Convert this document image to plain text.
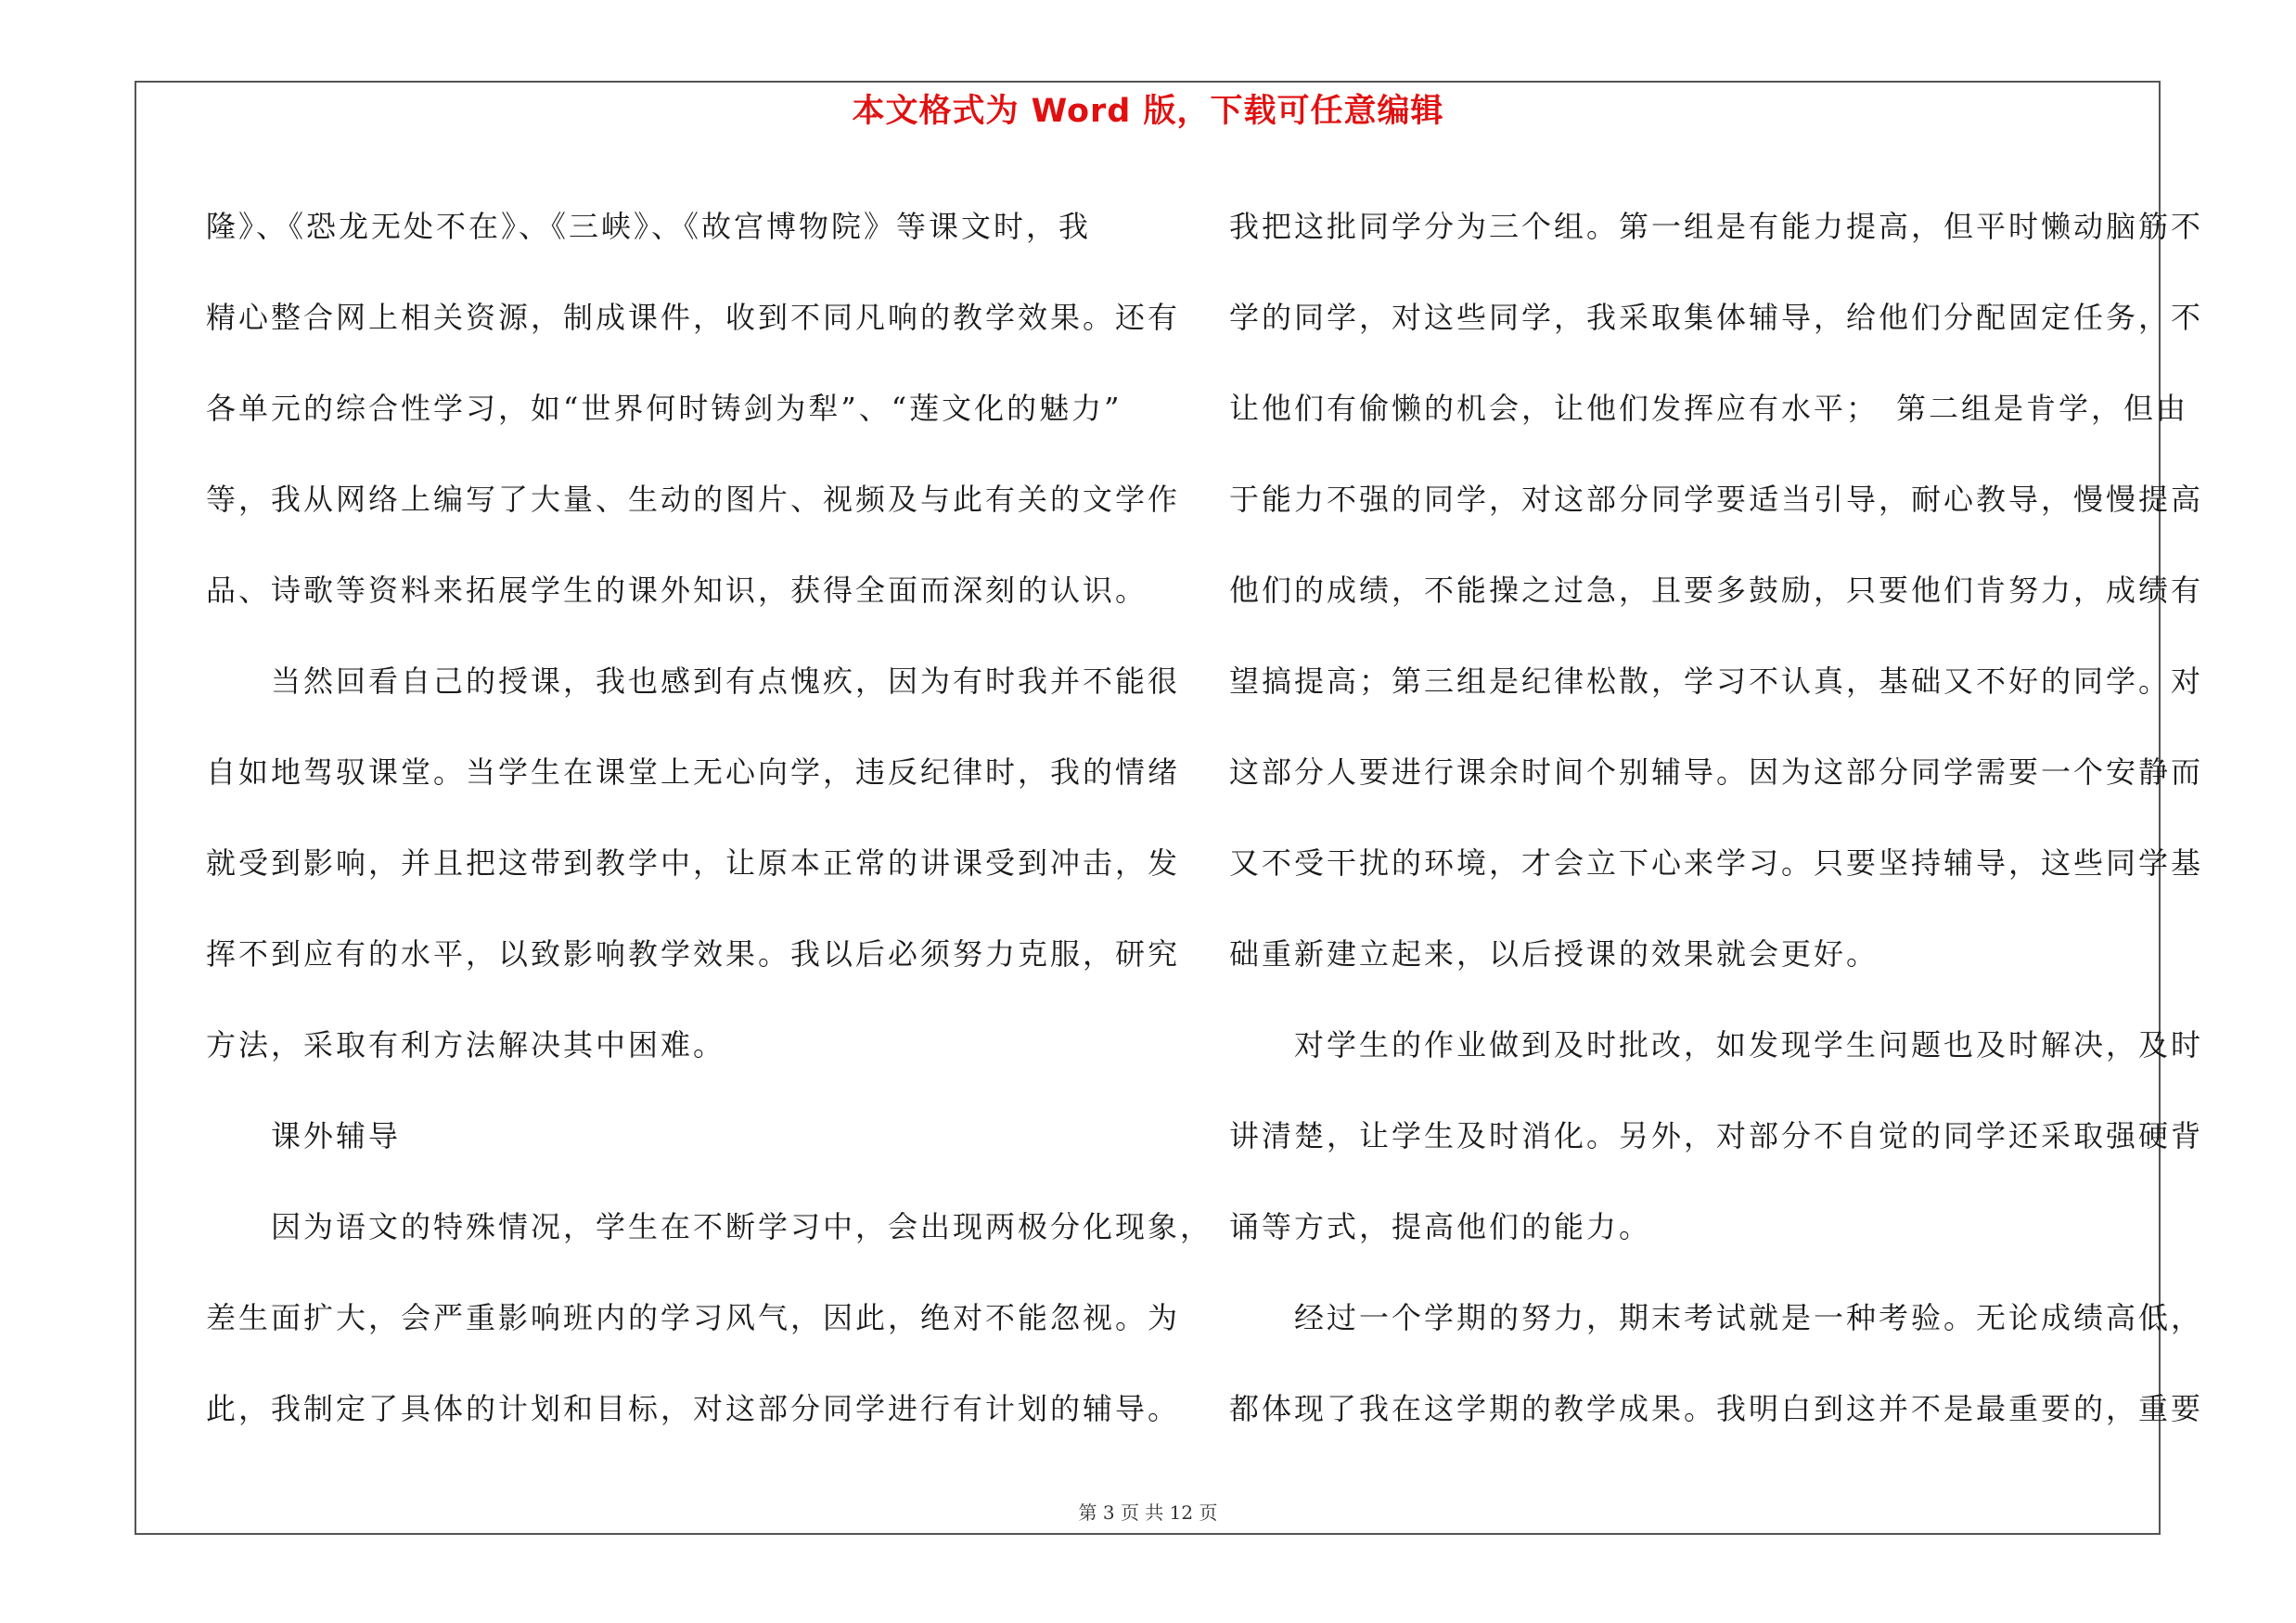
本文格式为 Word 版，下载可任意编辑
隆》、《恐龙无处不在》、《三峡》、《故宫博物院》等课文时，我
精心整合网上相关资源，制成课件，收到不同凡响的教学效果。还有
各单元的综合性学习，如“世界何时铸剑为犁”、“莲文化的魅力”
等，我从网络上编写了大量、生动的图片、视频及与此有关的文学作
品、诗歌等资料来拓展学生的课外知识，获得全面而深刻的认识。
　　当然回看自己的授课，我也感到有点愧疚，因为有时我并不能很
自如地驾驭课堂。当学生在课堂上无心向学，违反纪律时，我的情绪
就受到影响，并且把这带到教学中，让原本正常的讲课受到冲击，发
挥不到应有的水平，以致影响教学效果。我以后必须努力克服，研究
方法，采取有利方法解决其中困难。
　　课外辅导
　　因为语文的特殊情况，学生在不断学习中，会出现两极分化现象，
差生面扩大，会严重影响班内的学习风气，因此，绝对不能忽视。为
此，我制定了具体的计划和目标，对这部分同学进行有计划的辅导。
我把这批同学分为三个组。第一组是有能力提高，但平时懒动脑筋不
学的同学，对这些同学，我采取集体辅导，给他们分配固定任务，不
让他们有偷懒的机会，让他们发挥应有水平；　第二组是肯学，但由
于能力不强的同学，对这部分同学要适当引导，耐心教导，慢慢提高
他们的成绩，不能操之过急，且要多鼓励，只要他们肯努力，成绩有
望搞提高；第三组是纪律松散，学习不认真，基础又不好的同学。对
这部分人要进行课余时间个别辅导。因为这部分同学需要一个安静而
又不受干扰的环境，才会立下心来学习。只要坚持辅导，这些同学基
础重新建立起来，以后授课的效果就会更好。
　　对学生的作业做到及时批改，如发现学生问题也及时解决，及时
讲清楚，让学生及时消化。另外，对部分不自觉的同学还采取强硬背
诵等方式，提高他们的能力。
　　经过一个学期的努力，期末考试就是一种考验。无论成绩高低，
都体现了我在这学期的教学成果。我明白到这并不是最重要的，重要
第 3 页 共 12 页
